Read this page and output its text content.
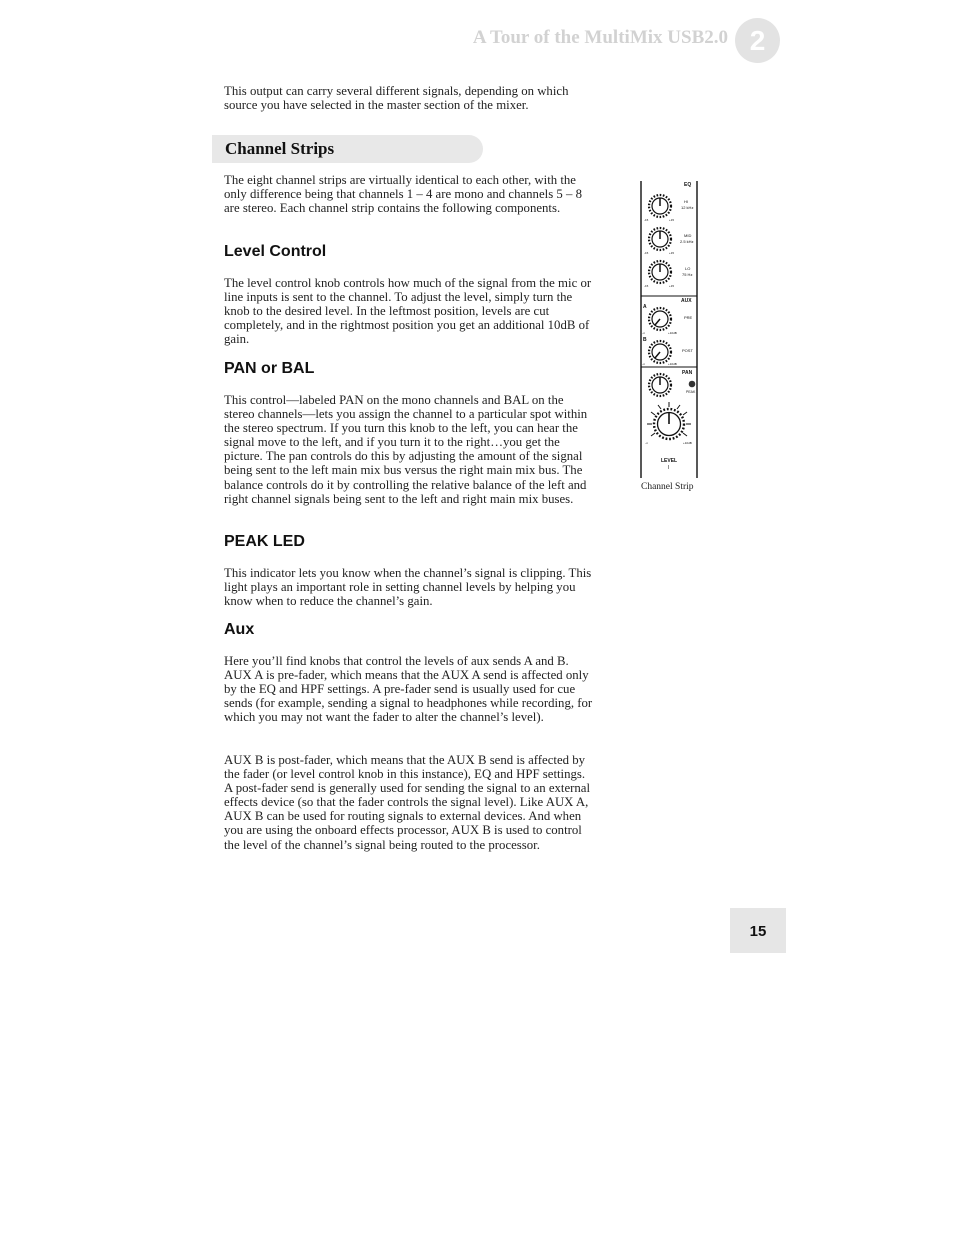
A Tour of the MultiMix USB2.0 2

This output can carry several different signals, depending on which source you have selected in the master section of the mixer.

Channel Strips

The eight channel strips are virtually identical to each other, with the only difference being that channels 1 – 4 are mono and channels 5 – 8 are stereo. Each channel strip contains the following components.

Level Control

The level control knob controls how much of the signal from the mic or line inputs is sent to the channel. To adjust the level, simply turn the knob to the desired level. In the leftmost position, levels are cut completely, and in the rightmost position you get an additional 10dB of gain.

PAN or BAL

This control—labeled PAN on the mono channels and BAL on the stereo channels—lets you assign the channel to a particular spot within the stereo spectrum. If you turn this knob to the left, you can hear the signal move to the left, and if you turn it to the right…you get the picture. The pan controls do this by adjusting the amount of the signal being sent to the left main mix bus versus the right main mix bus. The balance controls do it by controlling the relative balance of the left and right channel signals being sent to the left and right main mix buses.

PEAK LED

This indicator lets you know when the channel’s signal is clipping. This light plays an important role in setting channel levels by helping you know when to reduce the channel’s gain.

Aux

Here you’ll find knobs that control the levels of aux sends A and B. AUX A is pre-fader, which means that the AUX A send is affected only by the EQ and HPF settings. A pre-fader send is usually used for cue sends (for example, sending a signal to headphones while recording, for which you may not want the fader to alter the channel’s level).

AUX B is post-fader, which means that the AUX B send is affected by the fader (or level control knob in this instance), EQ and HPF settings. A post-fader send is generally used for sending the signal to an external effects device (so that the fader controls the signal level). Like AUX A, AUX B can be used for routing signals to external devices. And when you are using the onboard effects processor, AUX B is used to control the level of the channel’s signal being routed to the processor.

EQ
HI
12 kHz
-15	+15
MID
2.5 kHz
-15	+15
LO
75 Hz
-15	+15
AUX
A
PRE
-∞	+10dB
B
POST
-∞	+10dB
PAN
PEAK
-∞	+10dB
LEVEL
I
Channel Strip
15
